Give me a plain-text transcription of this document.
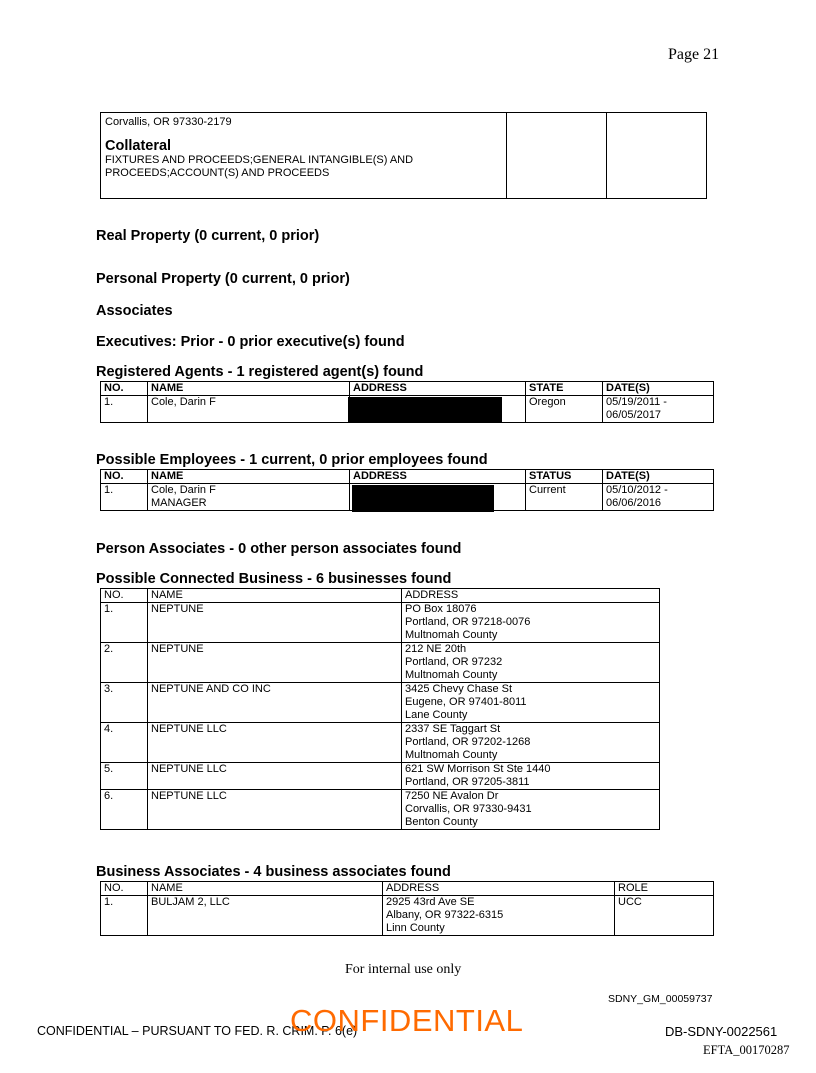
Page 21
Corvallis, OR 97330-2179
Collateral
FIXTURES AND PROCEEDS;GENERAL INTANGIBLE(S) AND
PROCEEDS;ACCOUNT(S) AND PROCEEDS

Real Property (0 current, 0 prior)
Personal Property (0 current, 0 prior)
Associates
Executives: Prior - 0 prior executive(s) found
Registered Agents - 1 registered agent(s) found
NO.	NAME	ADDRESS	STATE	DATE(S)
1.	Cole, Darin F		Oregon	05/19/2011 -
06/05/2017
Possible Employees - 1 current, 0 prior employees found
NO.	NAME	ADDRESS	STATUS	DATE(S)
1.	Cole, Darin F
MANAGER		Current	05/10/2012 -
06/06/2016
Person Associates - 0 other person associates found
Possible Connected Business - 6 businesses found
NO.	NAME	ADDRESS
1.	NEPTUNE	PO Box 18076
Portland, OR 97218-0076
Multnomah County

2.	NEPTUNE	212 NE 20th
Portland, OR 97232
Multnomah County

3.	NEPTUNE AND CO INC	3425 Chevy Chase St
Eugene, OR 97401-8011
Lane County

4.	NEPTUNE LLC	2337 SE Taggart St
Portland, OR 97202-1268
Multnomah County

5.	NEPTUNE LLC	621 SW Morrison St Ste 1440
Portland, OR 97205-3811

6.	NEPTUNE LLC	7250 NE Avalon Dr
Corvallis, OR 97330-9431
Benton County
Business Associates - 4 business associates found
NO.	NAME	ADDRESS	ROLE
1.	BULJAM 2, LLC	2925 43rd Ave SE
Albany, OR 97322-6315
Linn County	UCC
For internal use only
SDNY_GM_00059737
CONFIDENTIAL – PURSUANT TO FED. R. CRIM. P. 6(e)
CONFIDENTIAL	DB-SDNY-0022561
EFTA_00170287
